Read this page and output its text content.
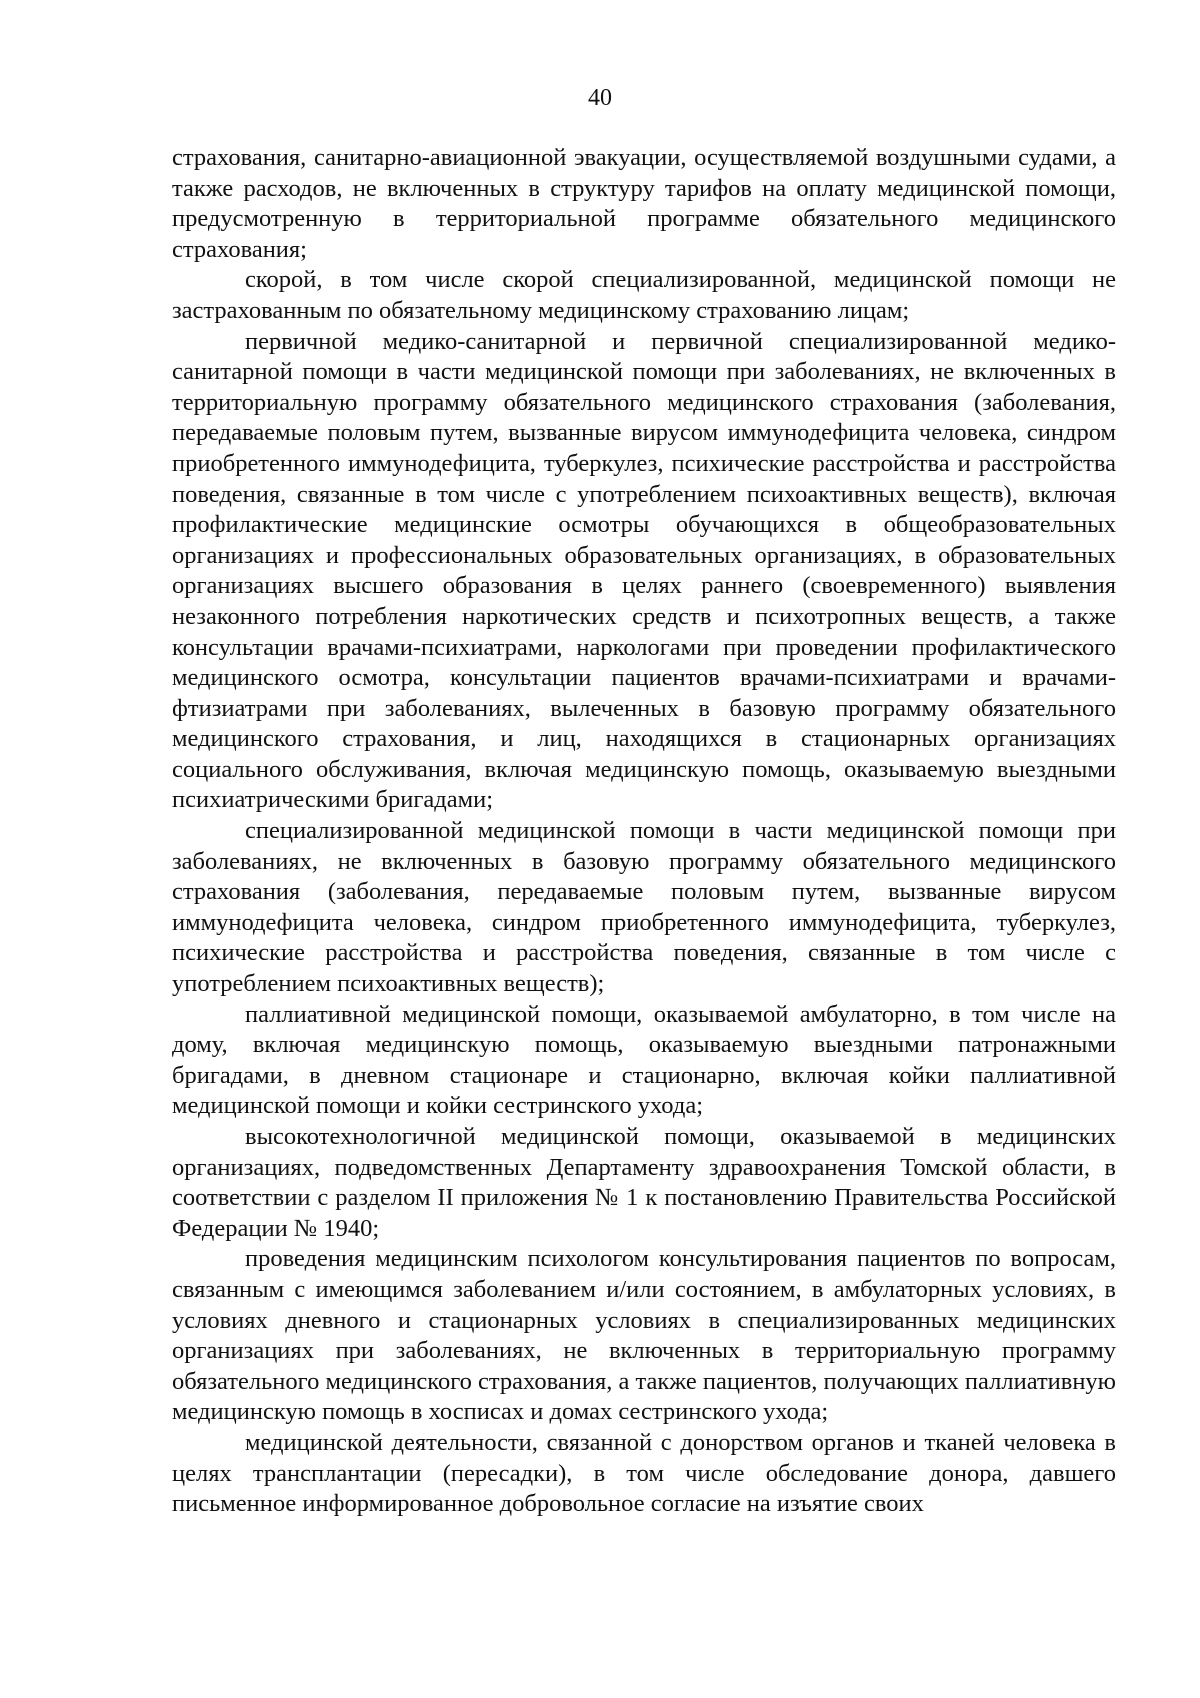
40

страхования, санитарно-авиационной эвакуации, осуществляемой воздушными судами, а также расходов, не включенных в структуру тарифов на оплату медицинской помощи, предусмотренную в территориальной программе обязательного медицинского страхования;

скорой, в том числе скорой специализированной, медицинской помощи не застрахованным по обязательному медицинскому страхованию лицам;

первичной медико-санитарной и первичной специализированной медико-санитарной помощи в части медицинской помощи при заболеваниях, не включенных в территориальную программу обязательного медицинского страхования (заболевания, передаваемые половым путем, вызванные вирусом иммунодефицита человека, синдром приобретенного иммунодефицита, туберкулез, психические расстройства и расстройства поведения, связанные в том числе с употреблением психоактивных веществ), включая профилактические медицинские осмотры обучающихся в общеобразовательных организациях и профессиональных образовательных организациях, в образовательных организациях высшего образования в целях раннего (своевременного) выявления незаконного потребления наркотических средств и психотропных веществ, а также консультации врачами-психиатрами, наркологами при проведении профилактического медицинского осмотра, консультации пациентов врачами-психиатрами и врачами-фтизиатрами при заболеваниях, вылеченных в базовую программу обязательного медицинского страхования, и лиц, находящихся в стационарных организациях социального обслуживания, включая медицинскую помощь, оказываемую выездными психиатрическими бригадами;

специализированной медицинской помощи в части медицинской помощи при заболеваниях, не включенных в базовую программу обязательного медицинского страхования (заболевания, передаваемые половым путем, вызванные вирусом иммунодефицита человека, синдром приобретенного иммунодефицита, туберкулез, психические расстройства и расстройства поведения, связанные в том числе с употреблением психоактивных веществ);

паллиативной медицинской помощи, оказываемой амбулаторно, в том числе на дому, включая медицинскую помощь, оказываемую выездными патронажными бригадами, в дневном стационаре и стационарно, включая койки паллиативной медицинской помощи и койки сестринского ухода;

высокотехнологичной медицинской помощи, оказываемой в медицинских организациях, подведомственных Департаменту здравоохранения Томской области, в соответствии с разделом II приложения № 1 к постановлению Правительства Российской Федерации № 1940;

проведения медицинским психологом консультирования пациентов по вопросам, связанным с имеющимся заболеванием и/или состоянием, в амбулаторных условиях, в условиях дневного и стационарных условиях в специализированных медицинских организациях при заболеваниях, не включенных в территориальную программу обязательного медицинского страхования, а также пациентов, получающих паллиативную медицинскую помощь в хосписах и домах сестринского ухода;

медицинской деятельности, связанной с донорством органов и тканей человека в целях трансплантации (пересадки), в том числе обследование донора, давшего письменное информированное добровольное согласие на изъятие своих
